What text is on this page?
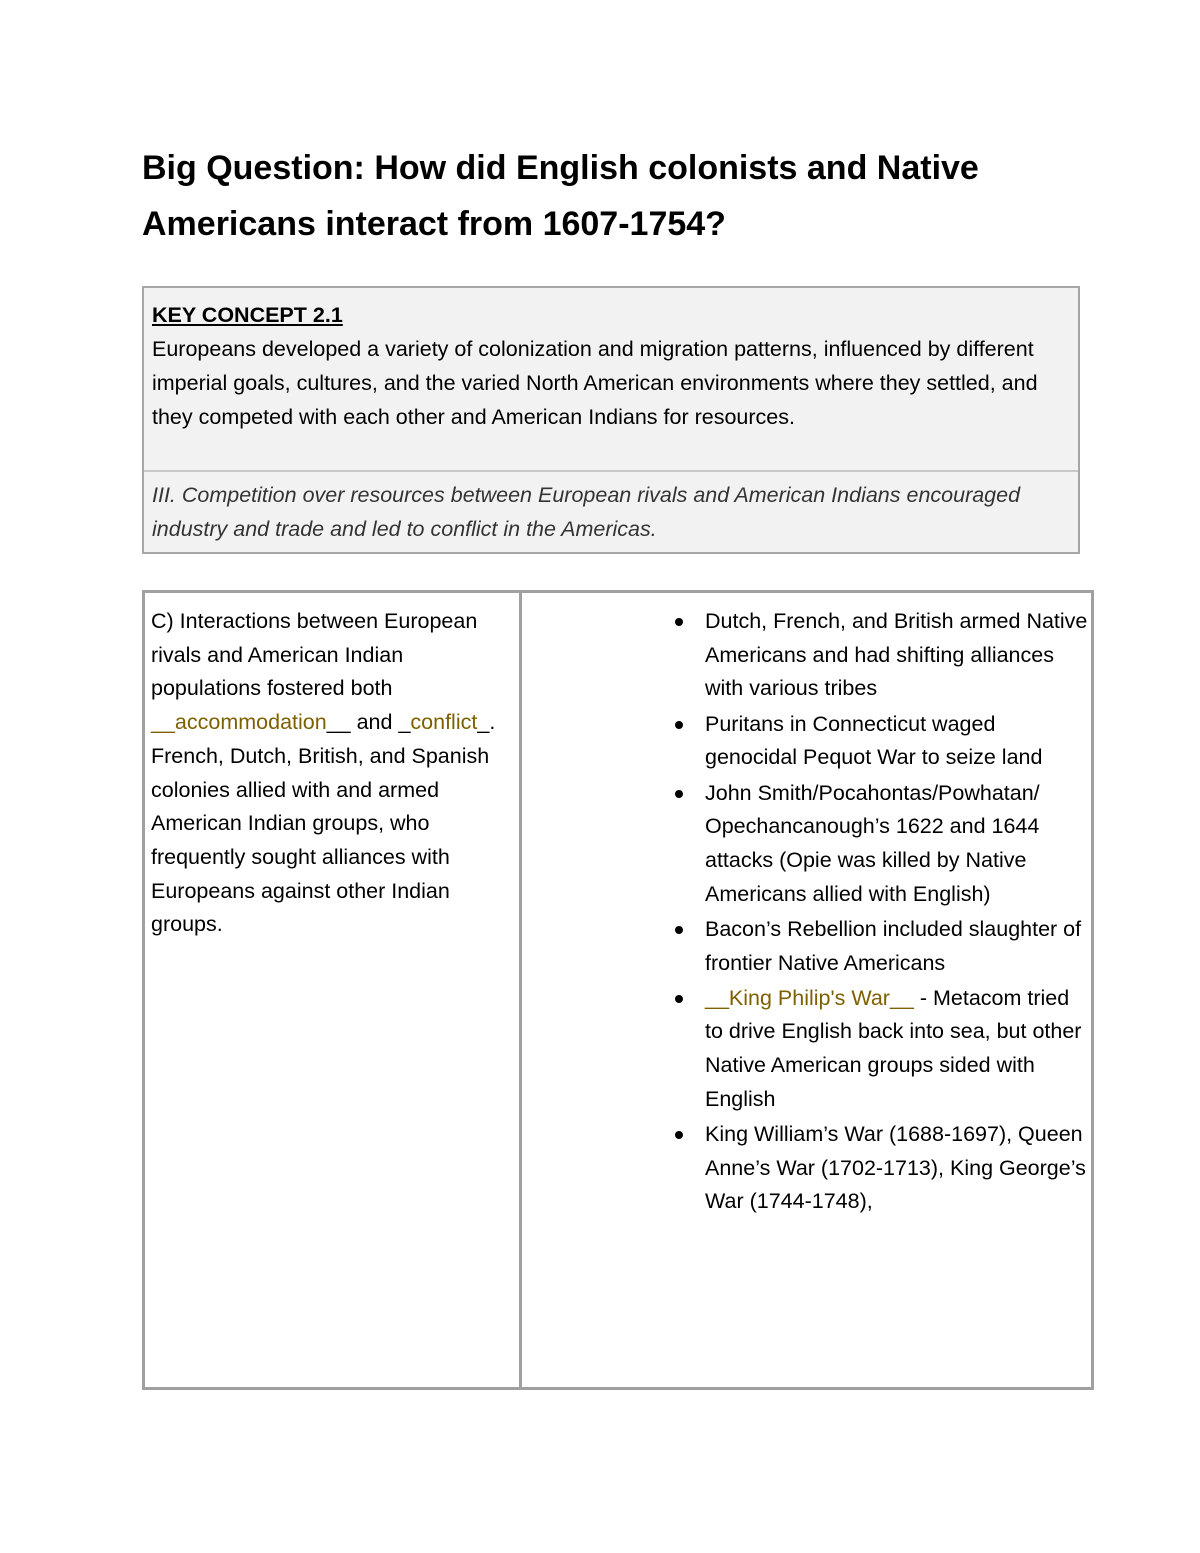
Big Question: How did English colonists and Native Americans interact from 1607-1754?
KEY CONCEPT 2.1
Europeans developed a variety of colonization and migration patterns, influenced by different imperial goals, cultures, and the varied North American environments where they settled, and they competed with each other and American Indians for resources.
III. Competition over resources between European rivals and American Indians encouraged industry and trade and led to conflict in the Americas.
C) Interactions between European rivals and American Indian populations fostered both __accommodation__ and _conflict_. French, Dutch, British, and Spanish colonies allied with and armed American Indian groups, who frequently sought alliances with Europeans against other Indian groups.
Dutch, French, and British armed Native Americans and had shifting alliances with various tribes
Puritans in Connecticut waged genocidal Pequot War to seize land
John Smith/Pocahontas/Powhatan/ Opechancanough’s 1622 and 1644 attacks (Opie was killed by Native Americans allied with English)
Bacon’s Rebellion included slaughter of frontier Native Americans
__King Philip's War__ - Metacom tried to drive English back into sea, but other Native American groups sided with English
King William’s War (1688-1697), Queen Anne’s War (1702-1713), King George’s War (1744-1748),
